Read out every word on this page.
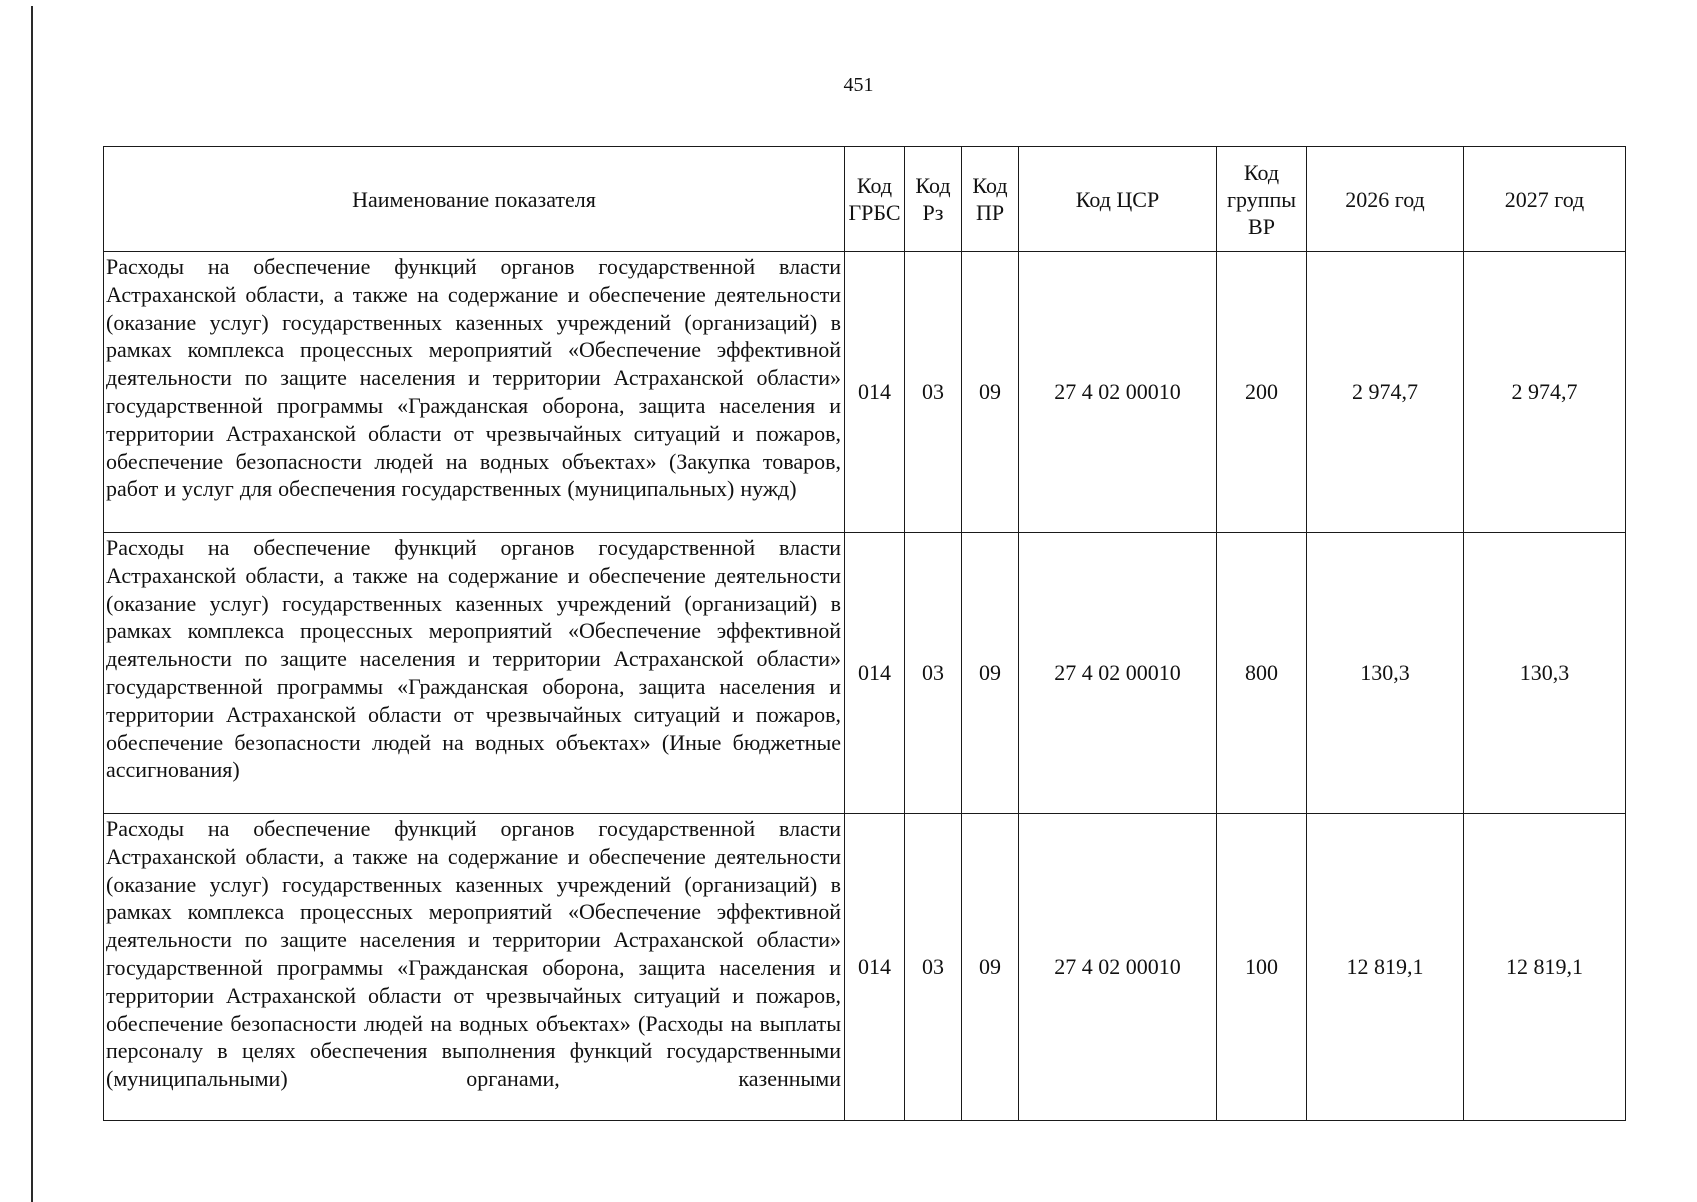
451
Наименование показателя	Код ГРБС	Код Рз	Код ПР	Код ЦСР	Код группы ВР	2026 год	2027 год
Расходы на обеспечение функций органов государственной власти Астраханской области, а также на содержание и обеспечение деятельности (оказание услуг) государственных казенных учреждений (организаций) в рамках комплекса процессных мероприятий «Обеспечение эффективной деятельности по защите населения и территории Астраханской области» государственной программы «Гражданская оборона, защита населения и территории Астраханской области от чрезвычайных ситуаций и пожаров, обеспечение безопасности людей на водных объектах» (Закупка товаров, работ и услуг для обеспечения государственных (муниципальных) нужд)	014	03	09	27 4 02 00010	200	2 974,7	2 974,7
Расходы на обеспечение функций органов государственной власти Астраханской области, а также на содержание и обеспечение деятельности (оказание услуг) государственных казенных учреждений (организаций) в рамках комплекса процессных мероприятий «Обеспечение эффективной деятельности по защите населения и территории Астраханской области» государственной программы «Гражданская оборона, защита населения и территории Астраханской области от чрезвычайных ситуаций и пожаров, обеспечение безопасности людей на водных объектах» (Иные бюджетные ассигнования)	014	03	09	27 4 02 00010	800	130,3	130,3
Расходы на обеспечение функций органов государственной власти Астраханской области, а также на содержание и обеспечение деятельности (оказание услуг) государственных казенных учреждений (организаций) в рамках комплекса процессных мероприятий «Обеспечение эффективной деятельности по защите населения и территории Астраханской области» государственной программы «Гражданская оборона, защита населения и территории Астраханской области от чрезвычайных ситуаций и пожаров, обеспечение безопасности людей на водных объектах» (Расходы на выплаты персоналу в целях обеспечения выполнения функций государственными (муниципальными) органами, казенными	014	03	09	27 4 02 00010	100	12 819,1	12 819,1
